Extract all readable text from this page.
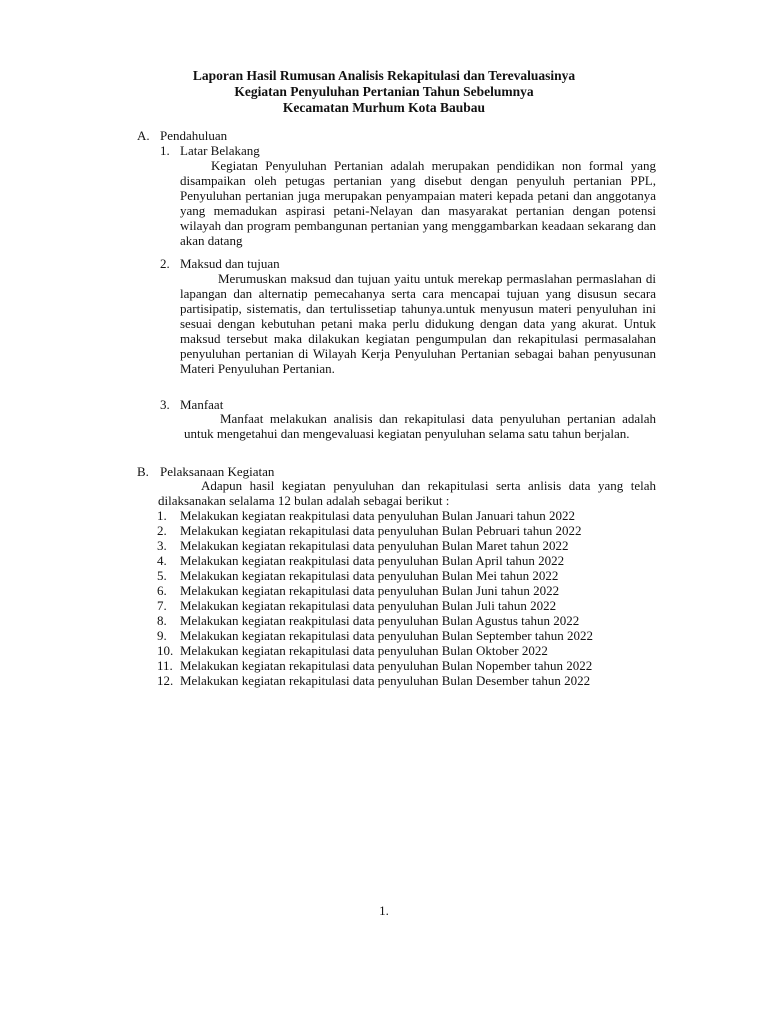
Laporan Hasil Rumusan Analisis Rekapitulasi dan Terevaluasinya
Kegiatan Penyuluhan Pertanian Tahun Sebelumnya
Kecamatan Murhum Kota Baubau
A. Pendahuluan
1. Latar Belakang
Kegiatan Penyuluhan Pertanian adalah merupakan pendidikan non formal yang disampaikan oleh petugas pertanian yang disebut dengan penyuluh pertanian PPL, Penyuluhan pertanian juga merupakan penyampaian materi kepada petani dan anggotanya yang memadukan aspirasi petani-Nelayan dan masyarakat pertanian dengan potensi wilayah dan program pembangunan pertanian yang menggambarkan keadaan sekarang dan akan datang
2. Maksud dan tujuan
Merumuskan maksud dan tujuan yaitu untuk merekap permaslahan permaslahan di lapangan dan alternatip pemecahanya serta cara mencapai tujuan yang disusun secara partisipatip, sistematis, dan tertulissetiap tahunya.untuk menyusun materi penyuluhan ini sesuai dengan kebutuhan petani maka perlu didukung dengan data yang akurat. Untuk maksud tersebut maka dilakukan kegiatan pengumpulan dan rekapitulasi permasalahan penyuluhan pertanian di Wilayah Kerja Penyuluhan Pertanian sebagai bahan penyusunan Materi Penyuluhan Pertanian.
3. Manfaat
Manfaat melakukan analisis dan rekapitulasi data penyuluhan pertanian adalah untuk mengetahui dan mengevaluasi kegiatan penyuluhan selama satu tahun berjalan.
B. Pelaksanaan Kegiatan
Adapun hasil kegiatan penyuluhan dan rekapitulasi serta anlisis data yang telah dilaksanakan selalama 12 bulan adalah sebagai berikut :
1. Melakukan kegiatan reakpitulasi data penyuluhan Bulan Januari tahun 2022
2. Melakukan kegiatan rekapitulasi data penyuluhan Bulan Pebruari tahun 2022
3. Melakukan kegiatan rekapitulasi data penyuluhan Bulan Maret tahun 2022
4. Melakukan kegiatan reakpitulasi data penyuluhan Bulan April tahun 2022
5. Melakukan kegiatan rekapitulasi data penyuluhan Bulan Mei tahun 2022
6. Melakukan kegiatan rekapitulasi data penyuluhan Bulan Juni tahun 2022
7. Melakukan kegiatan rekapitulasi data penyuluhan Bulan Juli tahun 2022
8. Melakukan kegiatan reakpitulasi data penyuluhan Bulan Agustus tahun 2022
9. Melakukan kegiatan rekapitulasi data penyuluhan Bulan September tahun 2022
10. Melakukan kegiatan rekapitulasi data penyuluhan Bulan Oktober 2022
11. Melakukan kegiatan rekapitulasi data penyuluhan Bulan Nopember tahun 2022
12. Melakukan kegiatan rekapitulasi data penyuluhan Bulan Desember tahun 2022
1.
